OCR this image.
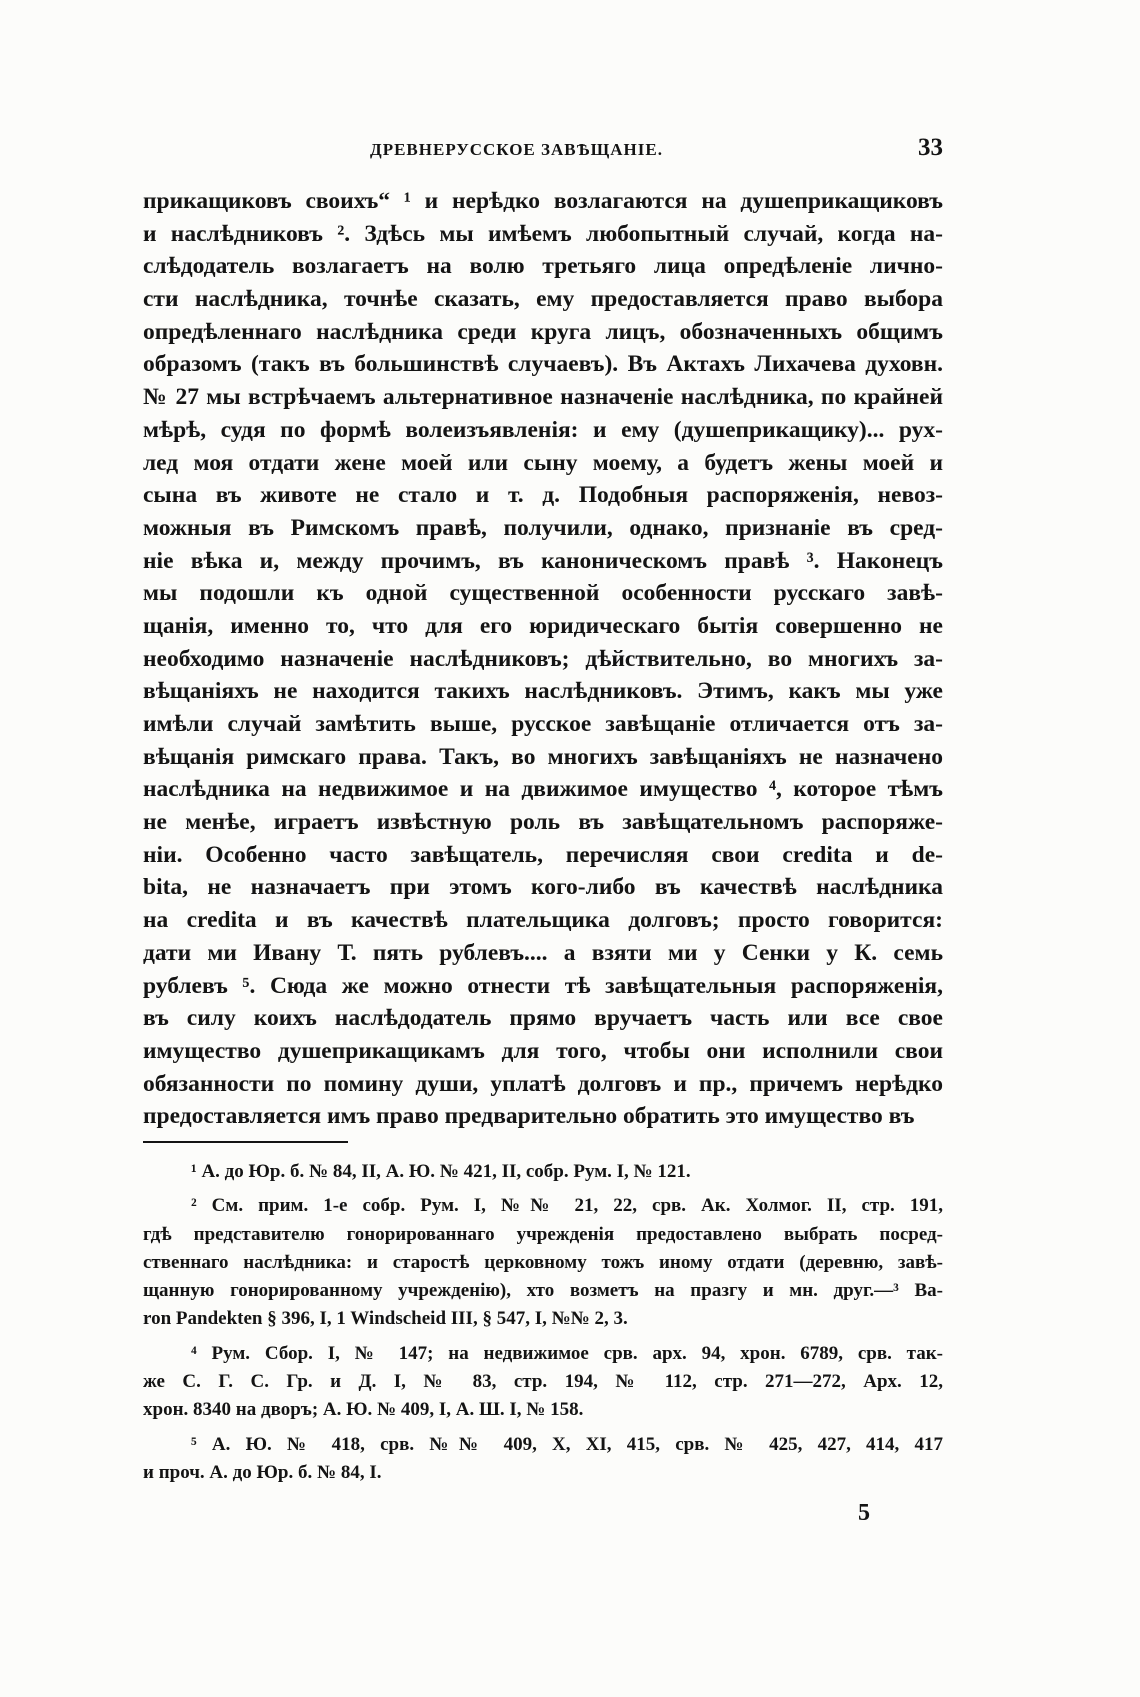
ДРЕВНЕРУССКОЕ ЗАВѢЩАНІЕ.	33
прикащиковъ своихъ“ ¹ и нерѣдко возлагаются на душеприкащиковъ
и наслѣдниковъ ². Здѣсь мы имѣемъ любопытный случай, когда на-
слѣдодатель возлагаетъ на волю третьяго лица опредѣленіе лично-
сти наслѣдника, точнѣе сказать, ему предоставляется право выбора
опредѣленнаго наслѣдника среди круга лицъ, обозначенныхъ общимъ
образомъ (такъ въ большинствѣ случаевъ). Въ Актахъ Лихачева духовн.
№ 27 мы встрѣчаемъ альтернативное назначеніе наслѣдника, по крайней
мѣрѣ, судя по формѣ волеизъявленія: и ему (душеприкащику)... рух-
лед моя отдати жене моей или сыну моему, а будетъ жены моей и
сына въ животе не стало и т. д. Подобныя распоряженія, невоз-
можныя въ Римскомъ правѣ, получили, однако, признаніе въ сред-
ніе вѣка и, между прочимъ, въ каноническомъ правѣ ³. Наконецъ
мы подошли къ одной существенной особенности русскаго завѣ-
щанія, именно то, что для его юридическаго бытія совершенно не
необходимо назначеніе наслѣдниковъ; дѣйствительно, во многихъ за-
вѣщаніяхъ не находится такихъ наслѣдниковъ. Этимъ, какъ мы уже
имѣли случай замѣтить выше, русское завѣщаніе отличается отъ за-
вѣщанія римскаго права. Такъ, во многихъ завѣщаніяхъ не назначено
наслѣдника на недвижимое и на движимое имущество ⁴, которое тѣмъ
не менѣе, играетъ извѣстную роль въ завѣщательномъ распоряже-
ніи. Особенно часто завѣщатель, перечисляя свои credita и de-
bita, не назначаетъ при этомъ кого-либо въ качествѣ наслѣдника
на credita и въ качествѣ плательщика долговъ; просто говорится:
дати ми Ивану Т. пять рублевъ.... а взяти ми у Сенки у К. семь
рублевъ ⁵. Сюда же можно отнести тѣ завѣщательныя распоряженія,
въ силу коихъ наслѣдодатель прямо вручаетъ часть или все свое
имущество душеприкащикамъ для того, чтобы они исполнили свои
обязанности по помину души, уплатѣ долговъ и пр., причемъ нерѣдко
предоставляется имъ право предварительно обратить это имущество въ
¹ А. до Юр. б. № 84, II, А. Ю. № 421, II, собр. Рум. I, № 121.
² См. прим. 1-е собр. Рум. I, №№ 21, 22, срв. Ак. Холмог. II, стр. 191,
гдѣ представителю гонорированнаго учрежденія предоставлено выбрать посред-
ственнаго наслѣдника: и старостѣ церковному тожъ иному отдати (деревню, завѣ-
щанную гонорированному учрежденію), хто возметъ на празгу и мн. друг.—³ Ba-
ron Pandekten § 396, I, 1 Windscheid III, § 547, I, №№ 2, 3.
⁴ Рум. Сбор. I, № 147; на недвижимое срв. арх. 94, хрон. 6789, срв. так-
же С. Г. С. Гр. и Д. I, № 83, стр. 194, № 112, стр. 271—272, Арх. 12,
хрон. 8340 на дворъ; А. Ю. № 409, I, А. Ш. I, № 158.
⁵ А. Ю. № 418, срв. №№ 409, X, XI, 415, срв. № 425, 427, 414, 417
и проч. А. до Юр. б. № 84, I.
5
